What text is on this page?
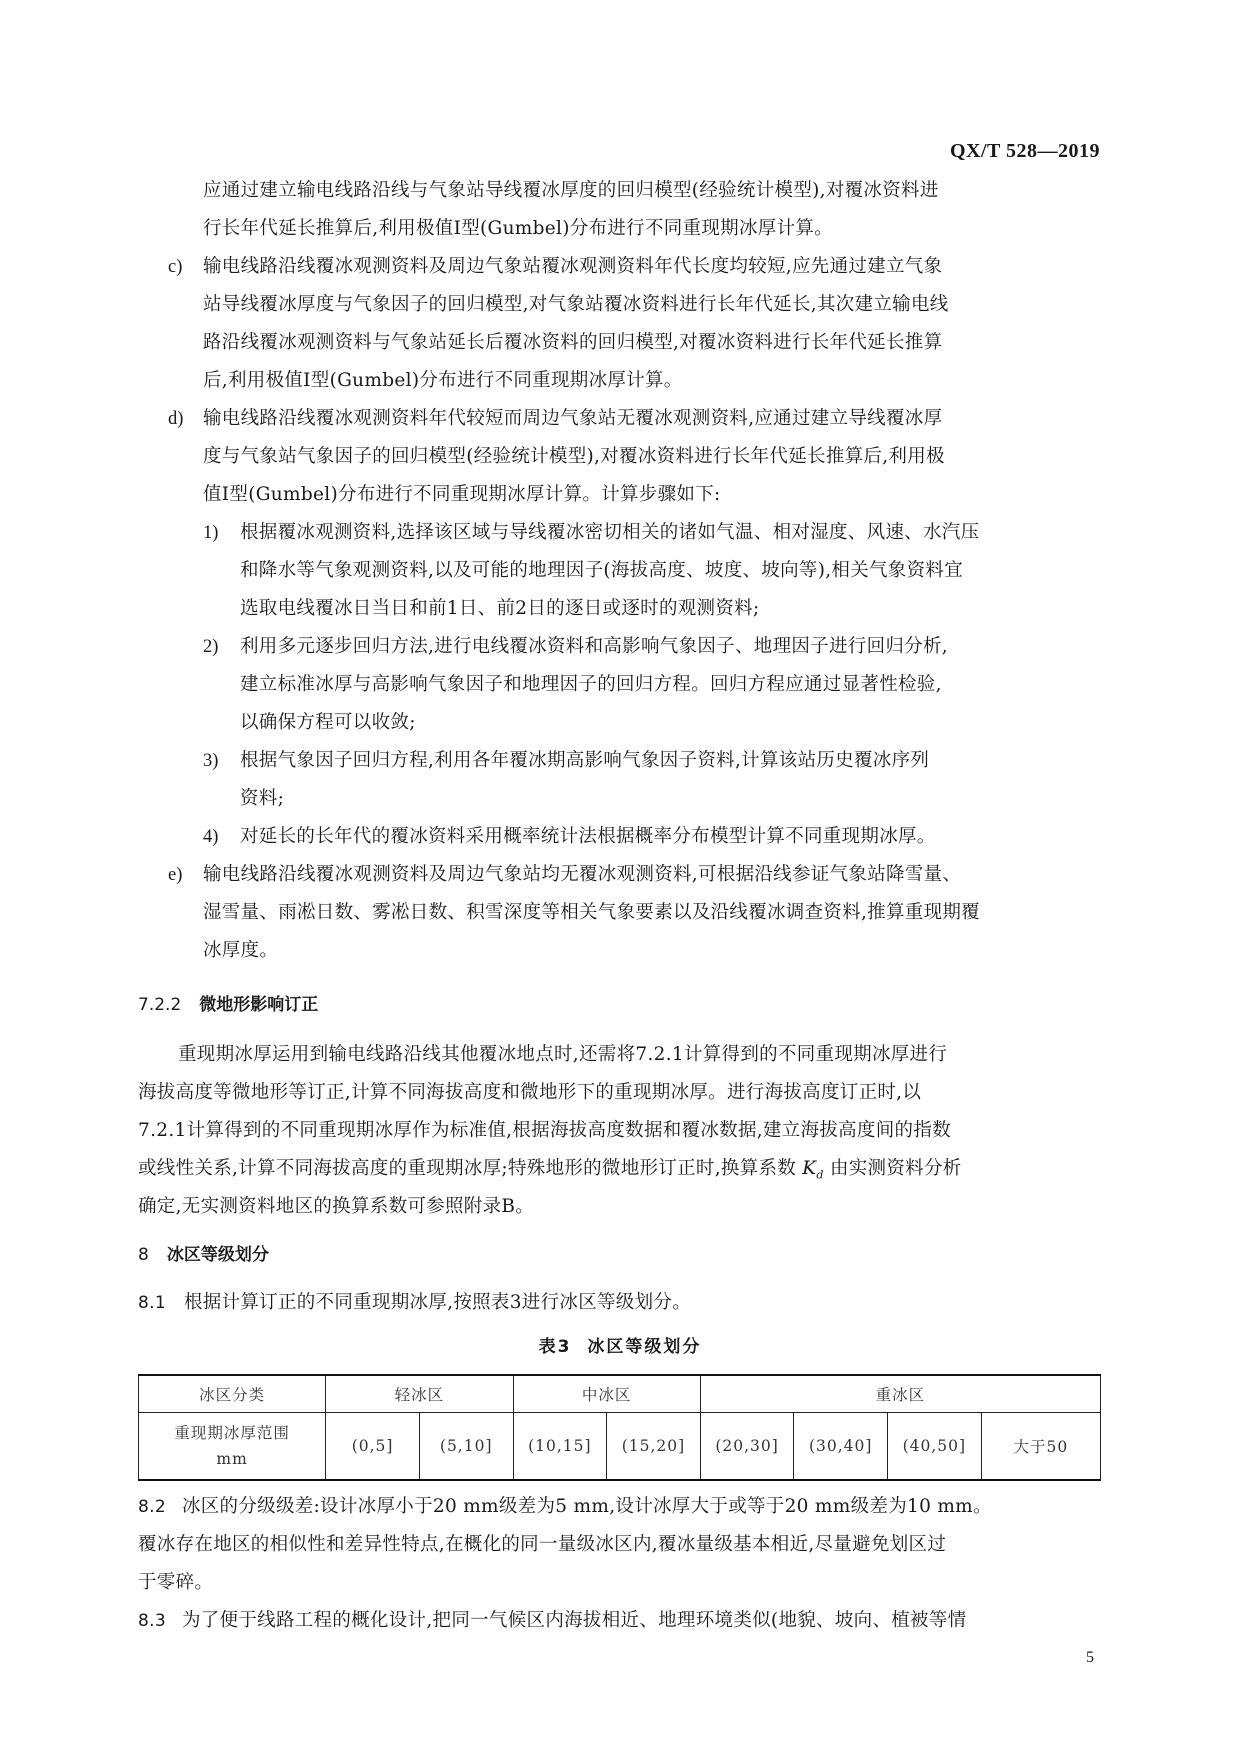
QX/T 528—2019
应通过建立输电线路沿线与气象站导线覆冰厚度的回归模型(经验统计模型),对覆冰资料进
行长年代延长推算后,利用极值Ⅰ型(Gumbel)分布进行不同重现期冰厚计算。
c) 输电线路沿线覆冰观测资料及周边气象站覆冰观测资料年代长度均较短,应先通过建立气象
站导线覆冰厚度与气象因子的回归模型,对气象站覆冰资料进行长年代延长,其次建立输电线
路沿线覆冰观测资料与气象站延长后覆冰资料的回归模型,对覆冰资料进行长年代延长推算
后,利用极值Ⅰ型(Gumbel)分布进行不同重现期冰厚计算。
d) 输电线路沿线覆冰观测资料年代较短而周边气象站无覆冰观测资料,应通过建立导线覆冰厚
度与气象站气象因子的回归模型(经验统计模型),对覆冰资料进行长年代延长推算后,利用极
值Ⅰ型(Gumbel)分布进行不同重现期冰厚计算。计算步骤如下:
1) 根据覆冰观测资料,选择该区域与导线覆冰密切相关的诸如气温、相对湿度、风速、水汽压
和降水等气象观测资料,以及可能的地理因子(海拔高度、坡度、坡向等),相关气象资料宜
选取电线覆冰日当日和前1日、前2日的逐日或逐时的观测资料;
2) 利用多元逐步回归方法,进行电线覆冰资料和高影响气象因子、地理因子进行回归分析,
建立标准冰厚与高影响气象因子和地理因子的回归方程。回归方程应通过显著性检验,
以确保方程可以收敛;
3) 根据气象因子回归方程,利用各年覆冰期高影响气象因子资料,计算该站历史覆冰序列
资料;
4) 对延长的长年代的覆冰资料采用概率统计法根据概率分布模型计算不同重现期冰厚。
e) 输电线路沿线覆冰观测资料及周边气象站均无覆冰观测资料,可根据沿线参证气象站降雪量、
湿雪量、雨凇日数、雾凇日数、积雪深度等相关气象要素以及沿线覆冰调查资料,推算重现期覆
冰厚度。
7.2.2 微地形影响订正
重现期冰厚运用到输电线路沿线其他覆冰地点时,还需将7.2.1计算得到的不同重现期冰厚进行
海拔高度等微地形等订正,计算不同海拔高度和微地形下的重现期冰厚。进行海拔高度订正时,以
7.2.1计算得到的不同重现期冰厚作为标准值,根据海拔高度数据和覆冰数据,建立海拔高度间的指数
或线性关系,计算不同海拔高度的重现期冰厚;特殊地形的微地形订正时,换算系数 $K_d$ 由实测资料分析
确定,无实测资料地区的换算系数可参照附录B。
8 冰区等级划分
8.1 根据计算订正的不同重现期冰厚,按照表3进行冰区等级划分。
表3 冰区等级划分
冰区分类	轻冰区		中冰区		重冰区			

重现期冰厚范围
mm	(0,5]	(5,10]	(10,15]	(15,20]	(20,30]	(30,40]	(40,50]	大于50
8.2 冰区的分级级差:设计冰厚小于20 mm级差为5 mm,设计冰厚大于或等于20 mm级差为10 mm。
覆冰存在地区的相似性和差异性特点,在概化的同一量级冰区内,覆冰量级基本相近,尽量避免划区过
于零碎。
8.3 为了便于线路工程的概化设计,把同一气候区内海拔相近、地理环境类似(地貌、坡向、植被等情
5
